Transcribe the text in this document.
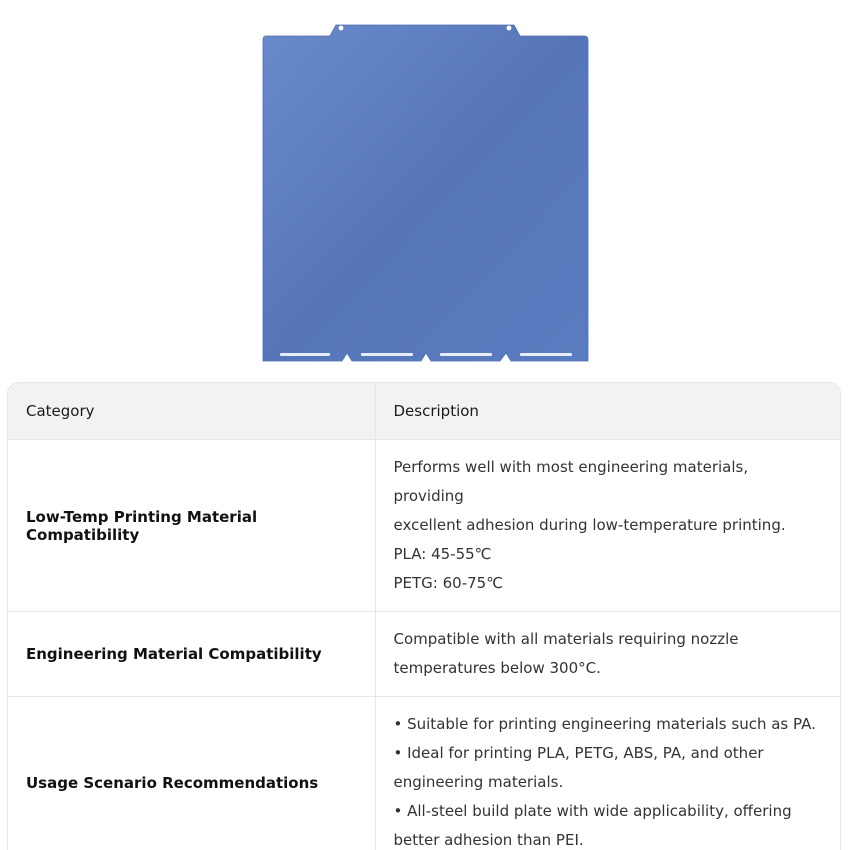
Category	Description
Low-Temp Printing Material Compatibility	Performs well with most engineering materials, providing
excellent adhesion during low-temperature printing.
PLA: 45-55℃
PETG: 60-75℃

Engineering Material Compatibility	Compatible with all materials requiring nozzle
temperatures below 300°C.

Usage Scenario Recommendations	• Suitable for printing engineering materials such as PA.
• Ideal for printing PLA, PETG, ABS, PA, and other
engineering materials.
• All-steel build plate with wide applicability, offering
better adhesion than PEI.
